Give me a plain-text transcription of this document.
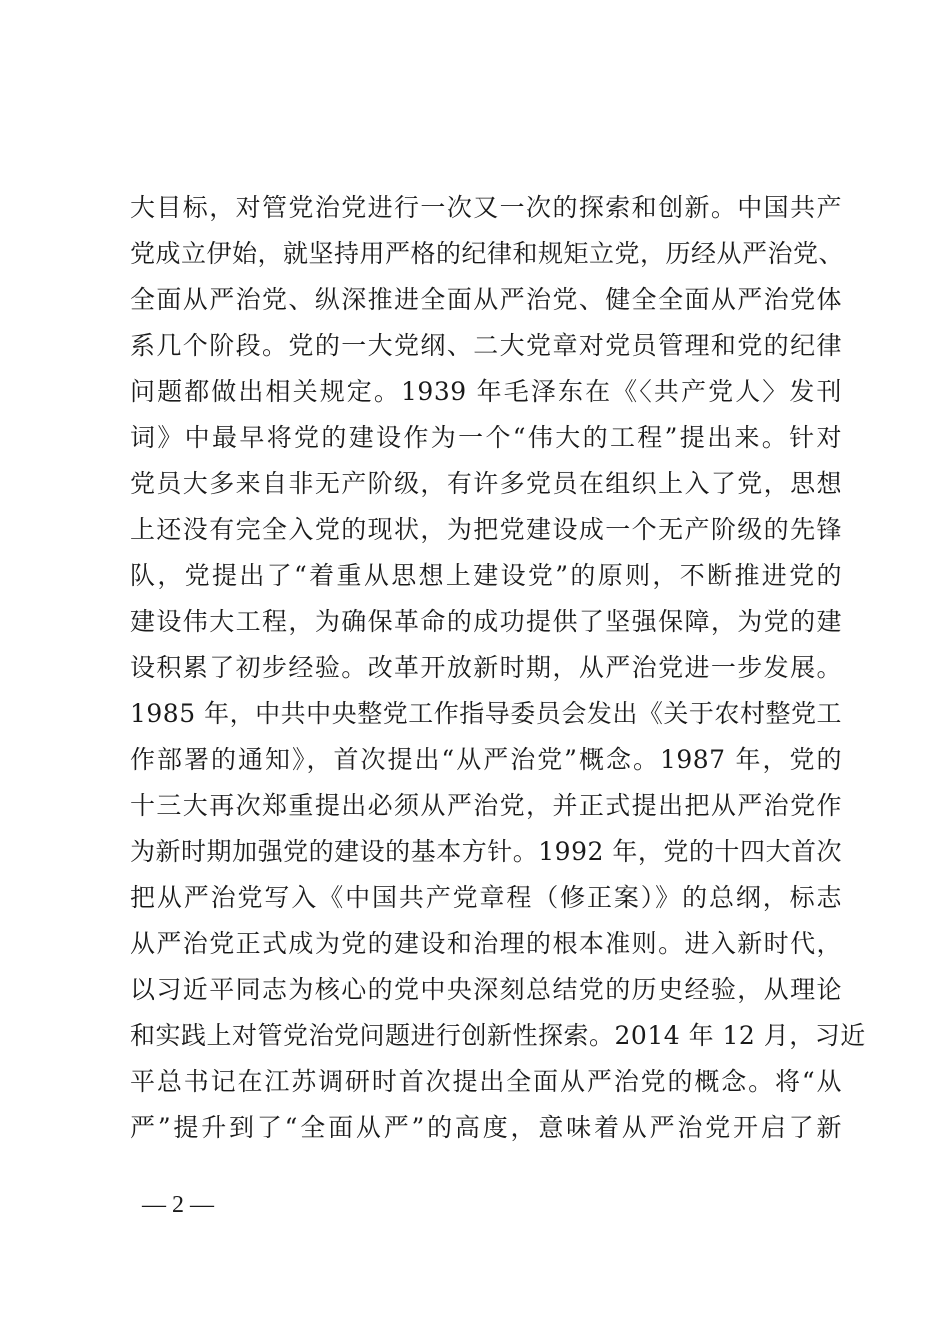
大目标，对管党治党进行一次又一次的探索和创新。中国共产
党成立伊始，就坚持用严格的纪律和规矩立党，历经从严治党、
全面从严治党、纵深推进全面从严治党、健全全面从严治党体
系几个阶段。党的一大党纲、二大党章对党员管理和党的纪律
问题都做出相关规定。1939 年毛泽东在《〈共产党人〉发刊
词》中最早将党的建设作为一个“伟大的工程”提出来。针对
党员大多来自非无产阶级，有许多党员在组织上入了党，思想
上还没有完全入党的现状，为把党建设成一个无产阶级的先锋
队，党提出了“着重从思想上建设党”的原则，不断推进党的
建设伟大工程，为确保革命的成功提供了坚强保障，为党的建
设积累了初步经验。改革开放新时期，从严治党进一步发展。
1985 年，中共中央整党工作指导委员会发出《关于农村整党工
作部署的通知》，首次提出“从严治党”概念。1987 年，党的
十三大再次郑重提出必须从严治党，并正式提出把从严治党作
为新时期加强党的建设的基本方针。1992 年，党的十四大首次
把从严治党写入《中国共产党章程（修正案）》的总纲，标志
从严治党正式成为党的建设和治理的根本准则。进入新时代，
以习近平同志为核心的党中央深刻总结党的历史经验，从理论
和实践上对管党治党问题进行创新性探索。2014 年 12 月，习近
平总书记在江苏调研时首次提出全面从严治党的概念。将“从
严”提升到了“全面从严”的高度，意味着从严治党开启了新
— 2 —
